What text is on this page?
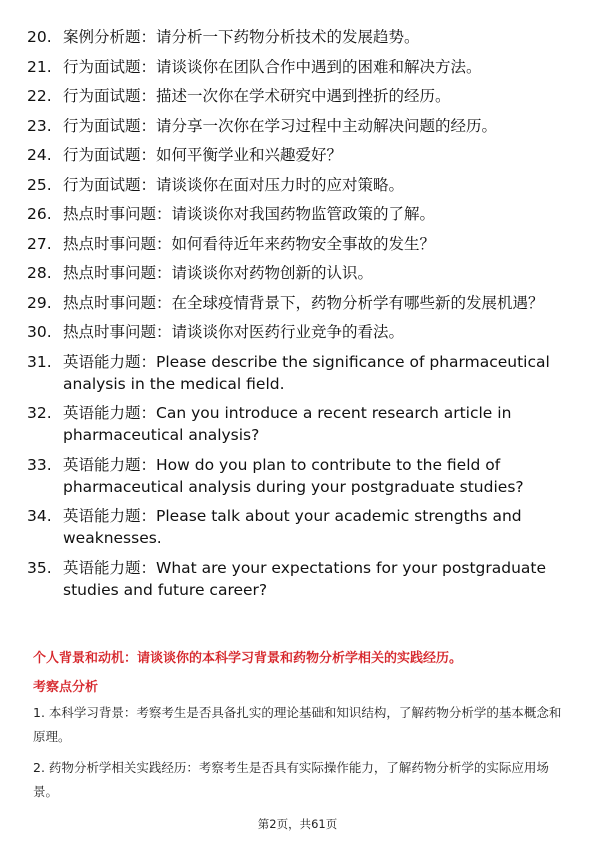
20. 案例分析题：请分析一下药物分析技术的发展趋势。
21. 行为面试题：请谈谈你在团队合作中遇到的困难和解决方法。
22. 行为面试题：描述一次你在学术研究中遇到挫折的经历。
23. 行为面试题：请分享一次你在学习过程中主动解决问题的经历。
24. 行为面试题：如何平衡学业和兴趣爱好？
25. 行为面试题：请谈谈你在面对压力时的应对策略。
26. 热点时事问题：请谈谈你对我国药物监管政策的了解。
27. 热点时事问题：如何看待近年来药物安全事故的发生？
28. 热点时事问题：请谈谈你对药物创新的认识。
29. 热点时事问题：在全球疫情背景下，药物分析学有哪些新的发展机遇？
30. 热点时事问题：请谈谈你对医药行业竞争的看法。
31. 英语能力题：Please describe the significance of pharmaceutical analysis in the medical field.
32. 英语能力题：Can you introduce a recent research article in pharmaceutical analysis?
33. 英语能力题：How do you plan to contribute to the field of pharmaceutical analysis during your postgraduate studies?
34. 英语能力题：Please talk about your academic strengths and weaknesses.
35. 英语能力题：What are your expectations for your postgraduate studies and future career?
个人背景和动机：请谈谈你的本科学习背景和药物分析学相关的实践经历。
考察点分析
1. 本科学习背景：考察考生是否具备扎实的理论基础和知识结构，了解药物分析学的基本概念和原理。
2. 药物分析学相关实践经历：考察考生是否具有实际操作能力，了解药物分析学的实际应用场景。
第2页，共61页
